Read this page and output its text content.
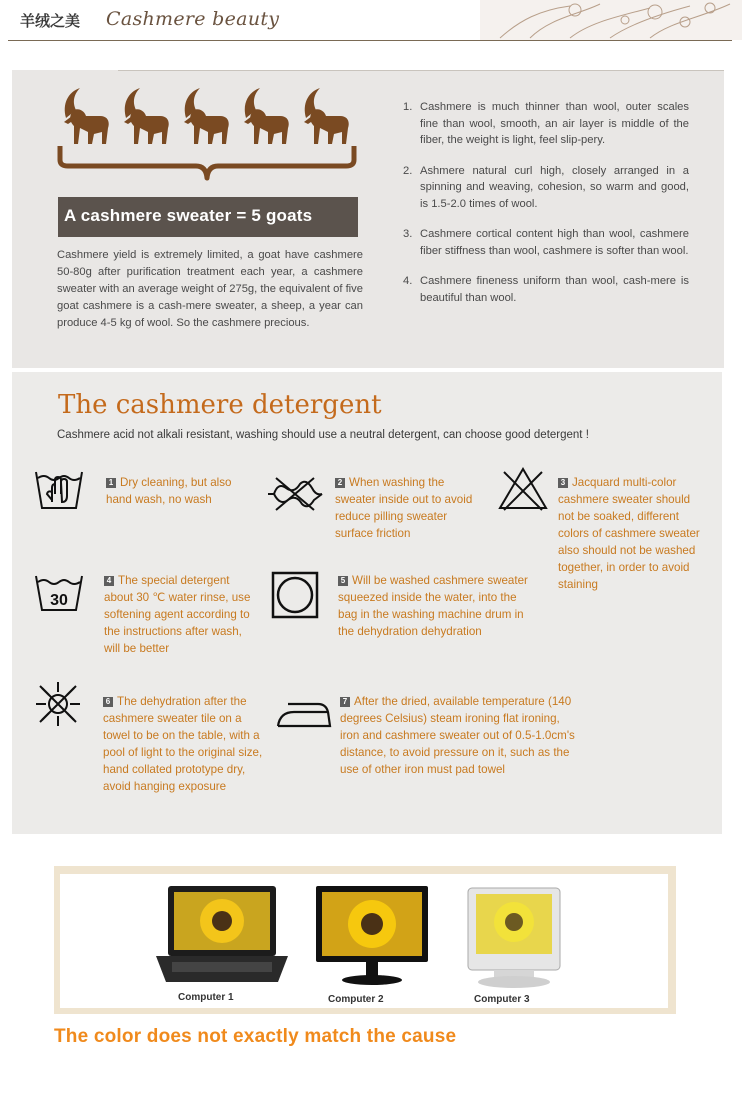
羊绒之美 Cashmere beauty
A cashmere sweater = 5 goats
Cashmere yield is extremely limited, a goat have cashmere 50-80g after purification treatment each year, a cashmere sweater with an average weight of 275g, the equivalent of five goat cashmere is a cash-mere sweater, a sheep, a year can produce 4-5 kg of wool. So the cashmere precious.
1. Cashmere is much thinner than wool, outer scales fine than wool, smooth, an air layer is middle of the fiber, the weight is light, feel slip-pery.
2. Ashmere natural curl high, closely arranged in a spinning and weaving, cohesion, so warm and good, is 1.5-2.0 times of wool.
3. Cashmere cortical content high than wool, cashmere fiber stiffness than wool, cashmere is softer than wool.
4. Cashmere fineness uniform than wool, cash-mere is beautiful than wool.
The cashmere detergent
Cashmere acid not alkali resistant, washing should use a neutral detergent, can choose good detergent !
1 Dry cleaning, but also hand wash, no wash
2 When washing the sweater inside out to avoid reduce pilling sweater surface friction
3 Jacquard multi-color cashmere sweater should not be soaked, different colors of cashmere sweater also should not be washed together, in order to avoid staining
30
4 The special detergent about 30 ℃ water rinse, use softening agent according to the instructions after wash, will be better
5 Will be washed cashmere sweater squeezed inside the water, into the bag in the washing machine drum in the dehydration dehydration
6 The dehydration after the cashmere sweater tile on a towel to be on the table, with a pool of light to the original size, hand collated prototype dry, avoid hanging exposure
7 After the dried, available temperature (140 degrees Celsius) steam ironing flat ironing, iron and cashmere sweater out of 0.5-1.0cm's distance, to avoid pressure on it, such as the use of other iron must pad towel
Computer 1	Computer 2	Computer 3
The color does not exactly match the cause
